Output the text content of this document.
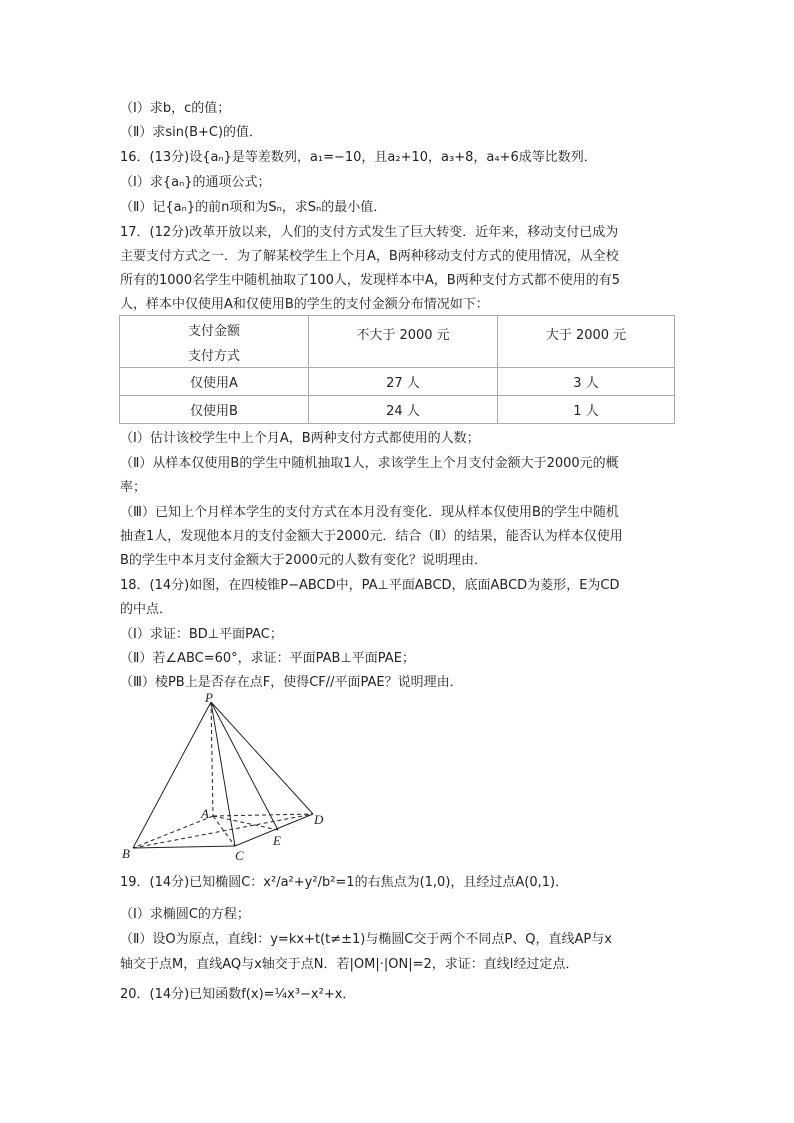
（Ⅰ）求b，c的值；
（Ⅱ）求sin(B+C)的值．
16．(13分)设{aₙ}是等差数列，a₁=−10，且a₂+10，a₃+8，a₄+6成等比数列．
（Ⅰ）求{aₙ}的通项公式；
（Ⅱ）记{aₙ}的前n项和为Sₙ，求Sₙ的最小值．
17．(12分)改革开放以来，人们的支付方式发生了巨大转变．近年来，移动支付已成为
主要支付方式之一．为了解某校学生上个月A，B两种移动支付方式的使用情况，从全校
所有的1000名学生中随机抽取了100人，发现样本中A，B两种支付方式都不使用的有5
人，样本中仅使用A和仅使用B的学生的支付金额分布情况如下：
支付金额
支付方式	不大于 2000 元	大于 2000 元
仅使用A	27 人	3 人
仅使用B	24 人	1 人
（Ⅰ）估计该校学生中上个月A，B两种支付方式都使用的人数；
（Ⅱ）从样本仅使用B的学生中随机抽取1人，求该学生上个月支付金额大于2000元的概
率；
（Ⅲ）已知上个月样本学生的支付方式在本月没有变化．现从样本仅使用B的学生中随机
抽查1人，发现他本月的支付金额大于2000元．结合（Ⅱ）的结果，能否认为样本仅使用
B的学生中本月支付金额大于2000元的人数有变化？说明理由．
18．(14分)如图，在四棱锥P−ABCD中，PA⊥平面ABCD，底面ABCD为菱形，E为CD
的中点．
（Ⅰ）求证：BD⊥平面PAC；
（Ⅱ）若∠ABC=60°，求证：平面PAB⊥平面PAE；
（Ⅲ）棱PB上是否存在点F，使得CF//平面PAE？说明理由．
P
A
B	C
D
E
19．(14分)已知椭圆C：x²/a²+y²/b²=1的右焦点为(1,0)，且经过点A(0,1)．
（Ⅰ）求椭圆C的方程；
（Ⅱ）设O为原点，直线l：y=kx+t(t≠±1)与椭圆C交于两个不同点P、Q，直线AP与x
轴交于点M，直线AQ与x轴交于点N．若|OM|·|ON|=2，求证：直线l经过定点．
20．(14分)已知函数f(x)=¼x³−x²+x．
